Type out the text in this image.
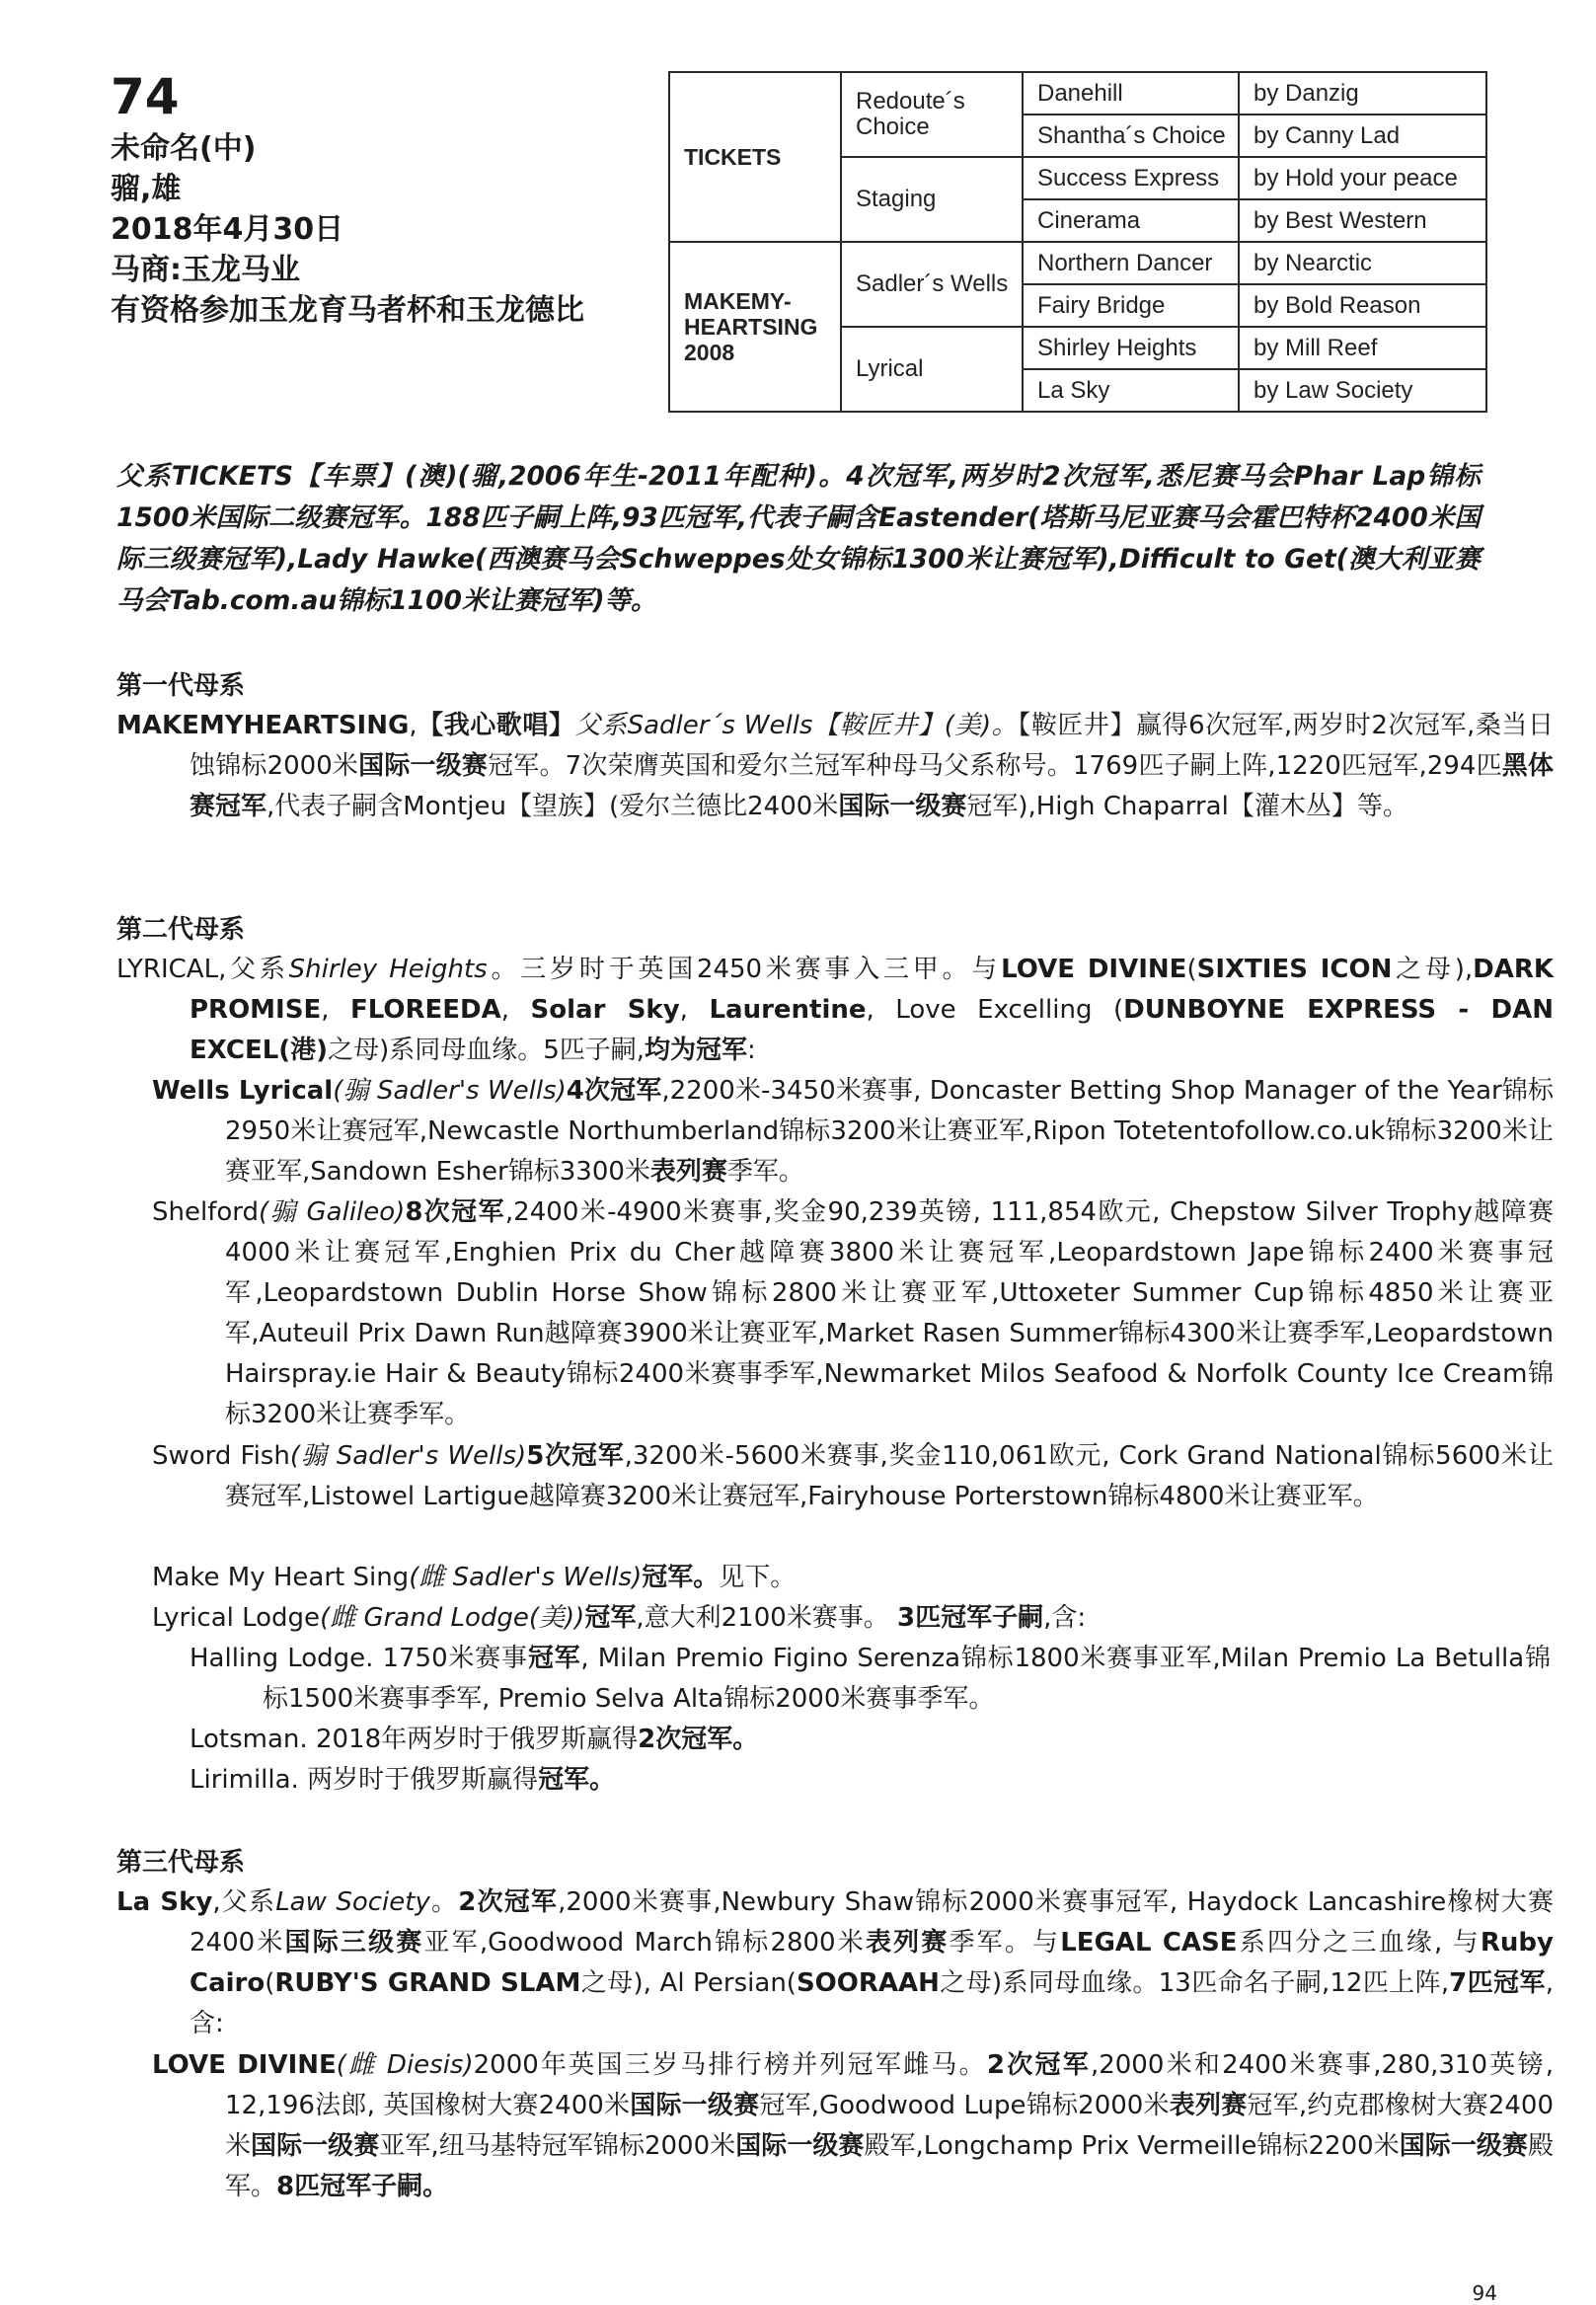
74
未命名(中)
骝,雄
2018年4月30日
马商:玉龙马业
有资格参加玉龙育马者杯和玉龙德比
TICKETS	Redoute´s Choice	Danehill	by Danzig
		Shantha´s Choice	by Canny Lad
	Staging	Success Express	by Hold your peace
		Cinerama	by Best Western
MAKEMY-HEARTSING 2008	Sadler´s Wells	Northern Dancer	by Nearctic
		Fairy Bridge	by Bold Reason
	Lyrical	Shirley Heights	by Mill Reef
		La Sky	by Law Society
父系TICKETS【车票】(澳)(骝,2006年生-2011年配种)。4次冠军,两岁时2次冠军,悉尼赛马会Phar Lap锦标1500米国际二级赛冠军。188匹子嗣上阵,93匹冠军,代表子嗣含Eastender(塔斯马尼亚赛马会霍巴特杯2400米国际三级赛冠军),Lady Hawke(西澳赛马会Schweppes处女锦标1300米让赛冠军),Difficult to Get(澳大利亚赛马会Tab.com.au锦标1100米让赛冠军)等。
第一代母系
MAKEMYHEARTSING,【我心歌唱】父系Sadler´s Wells【鞍匠井】(美)。【鞍匠井】赢得6次冠军,两岁时2次冠军,桑当日蚀锦标2000米国际一级赛冠军。7次荣膺英国和爱尔兰冠军种母马父系称号。1769匹子嗣上阵,1220匹冠军,294匹黑体赛冠军,代表子嗣含Montjeu【望族】(爱尔兰德比2400米国际一级赛冠军),High Chaparral【灌木丛】等。
第二代母系
LYRICAL,父系Shirley Heights。三岁时于英国2450米赛事入三甲。与LOVE DIVINE(SIXTIES ICON之母),DARK PROMISE, FLOREEDA, Solar Sky, Laurentine, Love Excelling (DUNBOYNE EXPRESS - DAN EXCEL(港)之母)系同母血缘。5匹子嗣,均为冠军:
Wells Lyrical(骟 Sadler's Wells)4次冠军,2200米-3450米赛事, Doncaster Betting Shop Manager of the Year锦标2950米让赛冠军,Newcastle Northumberland锦标3200米让赛亚军,Ripon Totetentofollow.co.uk锦标3200米让赛亚军,Sandown Esher锦标3300米表列赛季军。
Shelford(骟 Galileo)8次冠军,2400米-4900米赛事,奖金90,239英镑, 111,854欧元, Chepstow Silver Trophy越障赛4000米让赛冠军,Enghien Prix du Cher越障赛3800米让赛冠军,Leopardstown Jape锦标2400米赛事冠军,Leopardstown Dublin Horse Show锦标2800米让赛亚军,Uttoxeter Summer Cup锦标4850米让赛亚军,Auteuil Prix Dawn Run越障赛3900米让赛亚军,Market Rasen Summer锦标4300米让赛季军,Leopardstown Hairspray.ie Hair & Beauty锦标2400米赛事季军,Newmarket Milos Seafood & Norfolk County Ice Cream锦标3200米让赛季军。
Sword Fish(骟 Sadler's Wells)5次冠军,3200米-5600米赛事,奖金110,061欧元, Cork Grand National锦标5600米让赛冠军,Listowel Lartigue越障赛3200米让赛冠军,Fairyhouse Porterstown锦标4800米让赛亚军。
Make My Heart Sing(雌 Sadler's Wells)冠军。见下。
Lyrical Lodge(雌 Grand Lodge(美))冠军,意大利2100米赛事。 3匹冠军子嗣,含:
Halling Lodge. 1750米赛事冠军, Milan Premio Figino Serenza锦标1800米赛事亚军,Milan Premio La Betulla锦标1500米赛事季军, Premio Selva Alta锦标2000米赛事季军。
Lotsman. 2018年两岁时于俄罗斯赢得2次冠军。
Lirimilla. 两岁时于俄罗斯赢得冠军。
第三代母系
La Sky,父系Law Society。2次冠军,2000米赛事,Newbury Shaw锦标2000米赛事冠军, Haydock Lancashire橡树大赛2400米国际三级赛亚军,Goodwood March锦标2800米表列赛季军。与LEGAL CASE系四分之三血缘, 与Ruby Cairo(RUBY'S GRAND SLAM之母), Al Persian(SOORAAH之母)系同母血缘。13匹命名子嗣,12匹上阵,7匹冠军,含:
LOVE DIVINE(雌 Diesis)2000年英国三岁马排行榜并列冠军雌马。2次冠军,2000米和2400米赛事,280,310英镑, 12,196法郎, 英国橡树大赛2400米国际一级赛冠军,Goodwood Lupe锦标2000米表列赛冠军,约克郡橡树大赛2400米国际一级赛亚军,纽马基特冠军锦标2000米国际一级赛殿军,Longchamp Prix Vermeille锦标2200米国际一级赛殿军。8匹冠军子嗣。
94
